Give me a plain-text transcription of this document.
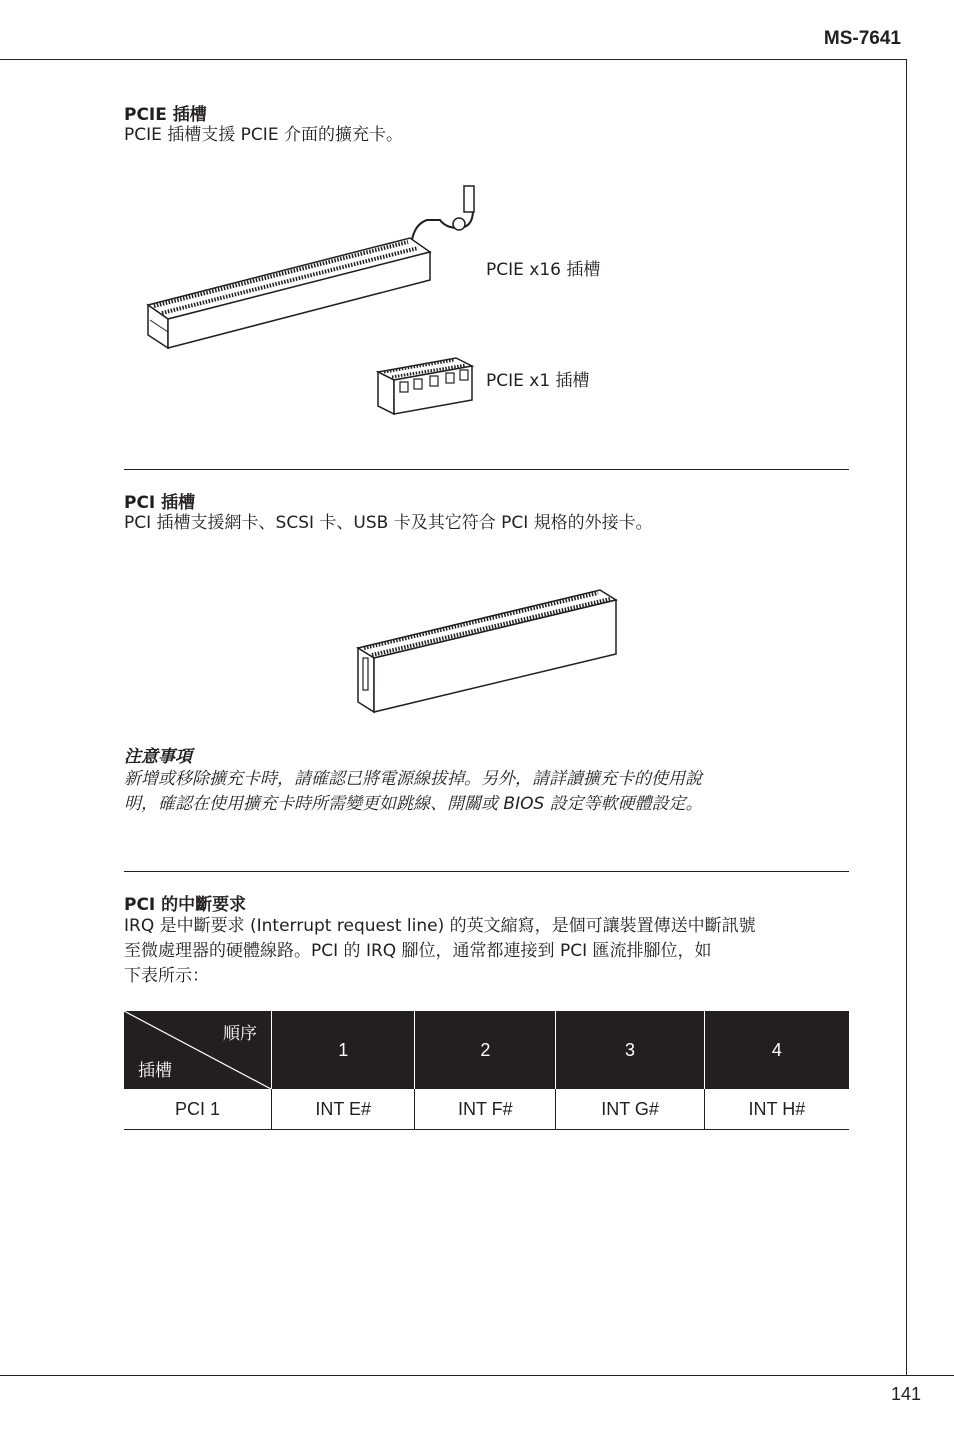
MS-7641
141
PCIE 插槽
PCIE 插槽支援 PCIE 介面的擴充卡。
PCIE x16 插槽
PCIE x1 插槽
PCI 插槽
PCI 插槽支援網卡、SCSI 卡、USB 卡及其它符合 PCI 規格的外接卡。
注意事項
新增或移除擴充卡時，請確認已將電源線拔掉。另外，請詳讀擴充卡的使用說
明，確認在使用擴充卡時所需變更如跳線、開關或 BIOS 設定等軟硬體設定。
PCI 的中斷要求
IRQ 是中斷要求 (Interrupt request line) 的英文縮寫，是個可讓裝置傳送中斷訊號
至微處理器的硬體線路。PCI 的 IRQ 腳位，通常都連接到 PCI 匯流排腳位，如
下表所示：
順序
插槽	1	2	3	4
PCI 1	INT E#	INT F#	INT G#	INT H#
